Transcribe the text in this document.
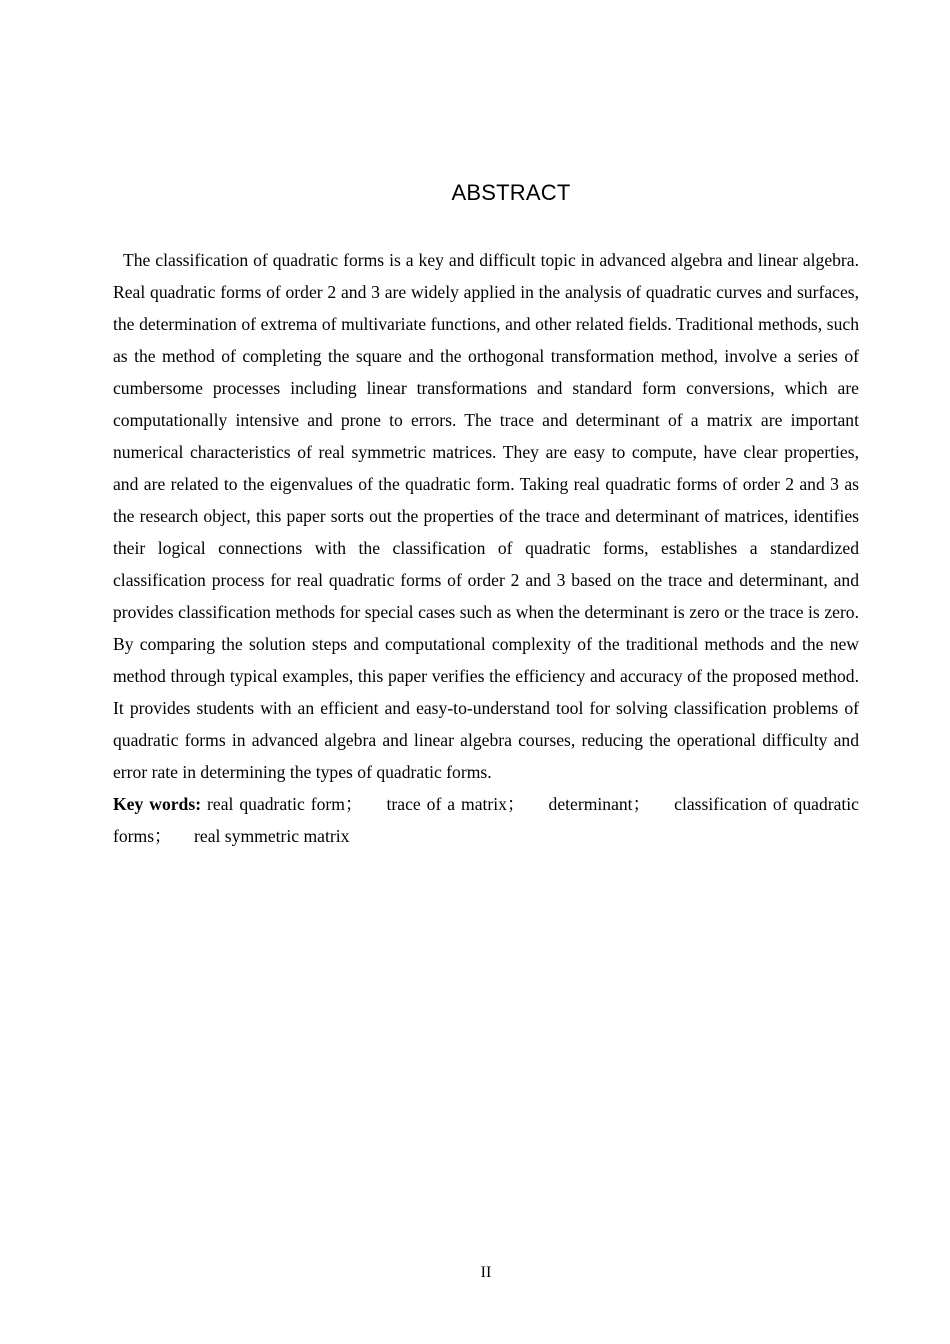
ABSTRACT

The classification of quadratic forms is a key and difficult topic in advanced algebra and linear algebra. Real quadratic forms of order 2 and 3 are widely applied in the analysis of quadratic curves and surfaces, the determination of extrema of multivariate functions, and other related fields. Traditional methods, such as the method of completing the square and the orthogonal transformation method, involve a series of cumbersome processes including linear transformations and standard form conversions, which are computationally intensive and prone to errors. The trace and determinant of a matrix are important numerical characteristics of real symmetric matrices. They are easy to compute, have clear properties, and are related to the eigenvalues of the quadratic form. Taking real quadratic forms of order 2 and 3 as the research object, this paper sorts out the properties of the trace and determinant of matrices, identifies their logical connections with the classification of quadratic forms, establishes a standardized classification process for real quadratic forms of order 2 and 3 based on the trace and determinant, and provides classification methods for special cases such as when the determinant is zero or the trace is zero. By comparing the solution steps and computational complexity of the traditional methods and the new method through typical examples, this paper verifies the efficiency and accuracy of the proposed method. It provides students with an efficient and easy-to-understand tool for solving classification problems of quadratic forms in advanced algebra and linear algebra courses, reducing the operational difficulty and error rate in determining the types of quadratic forms.

Key words: real quadratic form； trace of a matrix； determinant； classification of quadratic forms； real symmetric matrix

II
